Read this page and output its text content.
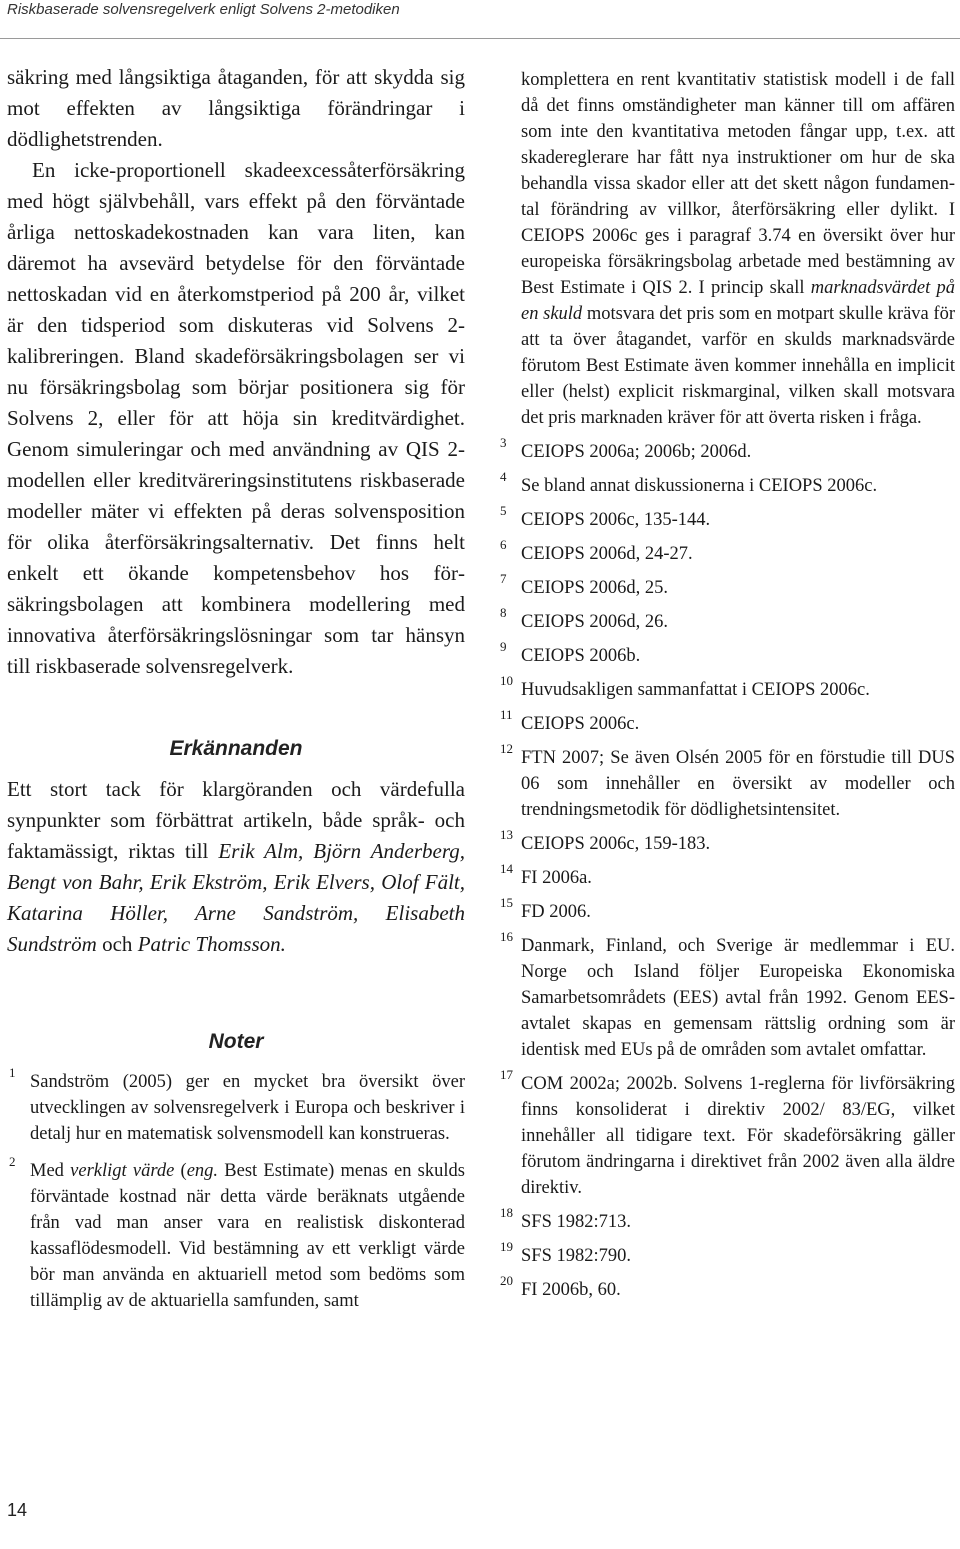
Riskbaserade solvensregelverk enligt Solvens 2-metodiken

säkring med långsiktiga åtaganden, för att skydda sig mot effekten av långsiktiga förändringar i dödlighetstrenden.

En icke-proportionell skadeexcessåterförsäkring med högt självbehåll, vars effekt på den förväntade årliga nettoskadekostnaden kan vara liten, kan däremot ha avsevärd betydelse för den förväntade nettoskadan vid en återkomstperiod på 200 år, vilket är den tidsperiod som diskuteras vid Solvens 2-kalibreringen. Bland skadeförsäkringsbolagen ser vi nu försäkringsbolag som börjar positionera sig för Solvens 2, eller för att höja sin kreditvärdighet. Genom simuleringar och med användning av QIS 2-modellen eller kreditväreringsinstitutens riskbaserade modeller mäter vi effekten på deras solvensposition för olika återförsäkringsalternativ. Det finns helt enkelt ett ökande kompetensbehov hos försäkringsbolagen att kombinera modellering med innovativa återförsäkringslösningar som tar hänsyn till riskbaserade solvensregelverk.

Erkännanden

Ett stort tack för klargöranden och värdefulla synpunkter som förbättrat artikeln, både språk- och faktamässigt, riktas till Erik Alm, Björn Anderberg, Bengt von Bahr, Erik Ekström, Erik Elvers, Olof Fält, Katarina Höller, Arne Sandström, Elisabeth Sundström och Patric Thomsson.

Noter
1 Sandström (2005) ger en mycket bra översikt över utvecklingen av solvensregelverk i Europa och beskriver i detalj hur en matematisk solvensmodell kan konstrueras.
2 Med verkligt värde (eng. Best Estimate) menas en skulds förväntade kostnad när detta värde beräknats utgående från vad man anser vara en realistisk diskonterad kassaflödesmodell. Vid bestämning av ett verkligt värde bör man använda en aktuariell metod som bedöms som tillämplig av de aktuariella samfunden, samt

komplettera en rent kvantitativ statistisk modell i de fall då det finns omständigheter man känner till om affären som inte den kvantitativa metoden fångar upp, t.ex. att skadereglerare har fått nya instruktioner om hur de ska behandla vissa skador eller att det skett någon fundamental förändring av villkor, återförsäkring eller dylikt. I CEIOPS 2006c ges i paragraf 3.74 en översikt över hur europeiska försäkringsbolag arbetade med bestämning av Best Estimate i QIS 2. I princip skall marknadsvärdet på en skuld motsvara det pris som en motpart skulle kräva för att ta över åtagandet, varför en skulds marknadsvärde förutom Best Estimate även kommer innehålla en implicit eller (helst) explicit riskmarginal, vilken skall motsvara det pris marknaden kräver för att överta risken i fråga.

3 CEIOPS 2006a; 2006b; 2006d.
4 Se bland annat diskussionerna i CEIOPS 2006c.
5 CEIOPS 2006c, 135-144.
6 CEIOPS 2006d, 24-27.
7 CEIOPS 2006d, 25.
8 CEIOPS 2006d, 26.
9 CEIOPS 2006b.
10 Huvudsakligen sammanfattat i CEIOPS 2006c.
11 CEIOPS 2006c.
12 FTN 2007; Se även Olsén 2005 för en förstudie till DUS 06 som innehåller en översikt av modeller och trendningsmetodik för dödlighetsintensitet.
13 CEIOPS 2006c, 159-183.
14 FI 2006a.
15 FD 2006.
16 Danmark, Finland, och Sverige är medlemmar i EU. Norge och Island följer Europeiska Ekonomiska Samarbetsområdets (EES) avtal från 1992. Genom EES-avtalet skapas en gemensam rättslig ordning som är identisk med EUs på de områden som avtalet omfattar.
17 COM 2002a; 2002b. Solvens 1-reglerna för livförsäkring finns konsoliderat i direktiv 2002/ 83/EG, vilket innehåller all tidigare text. För skadeförsäkring gäller förutom ändringarna i direktivet från 2002 även alla äldre direktiv.
18 SFS 1982:713.
19 SFS 1982:790.
20 FI 2006b, 60.
14
